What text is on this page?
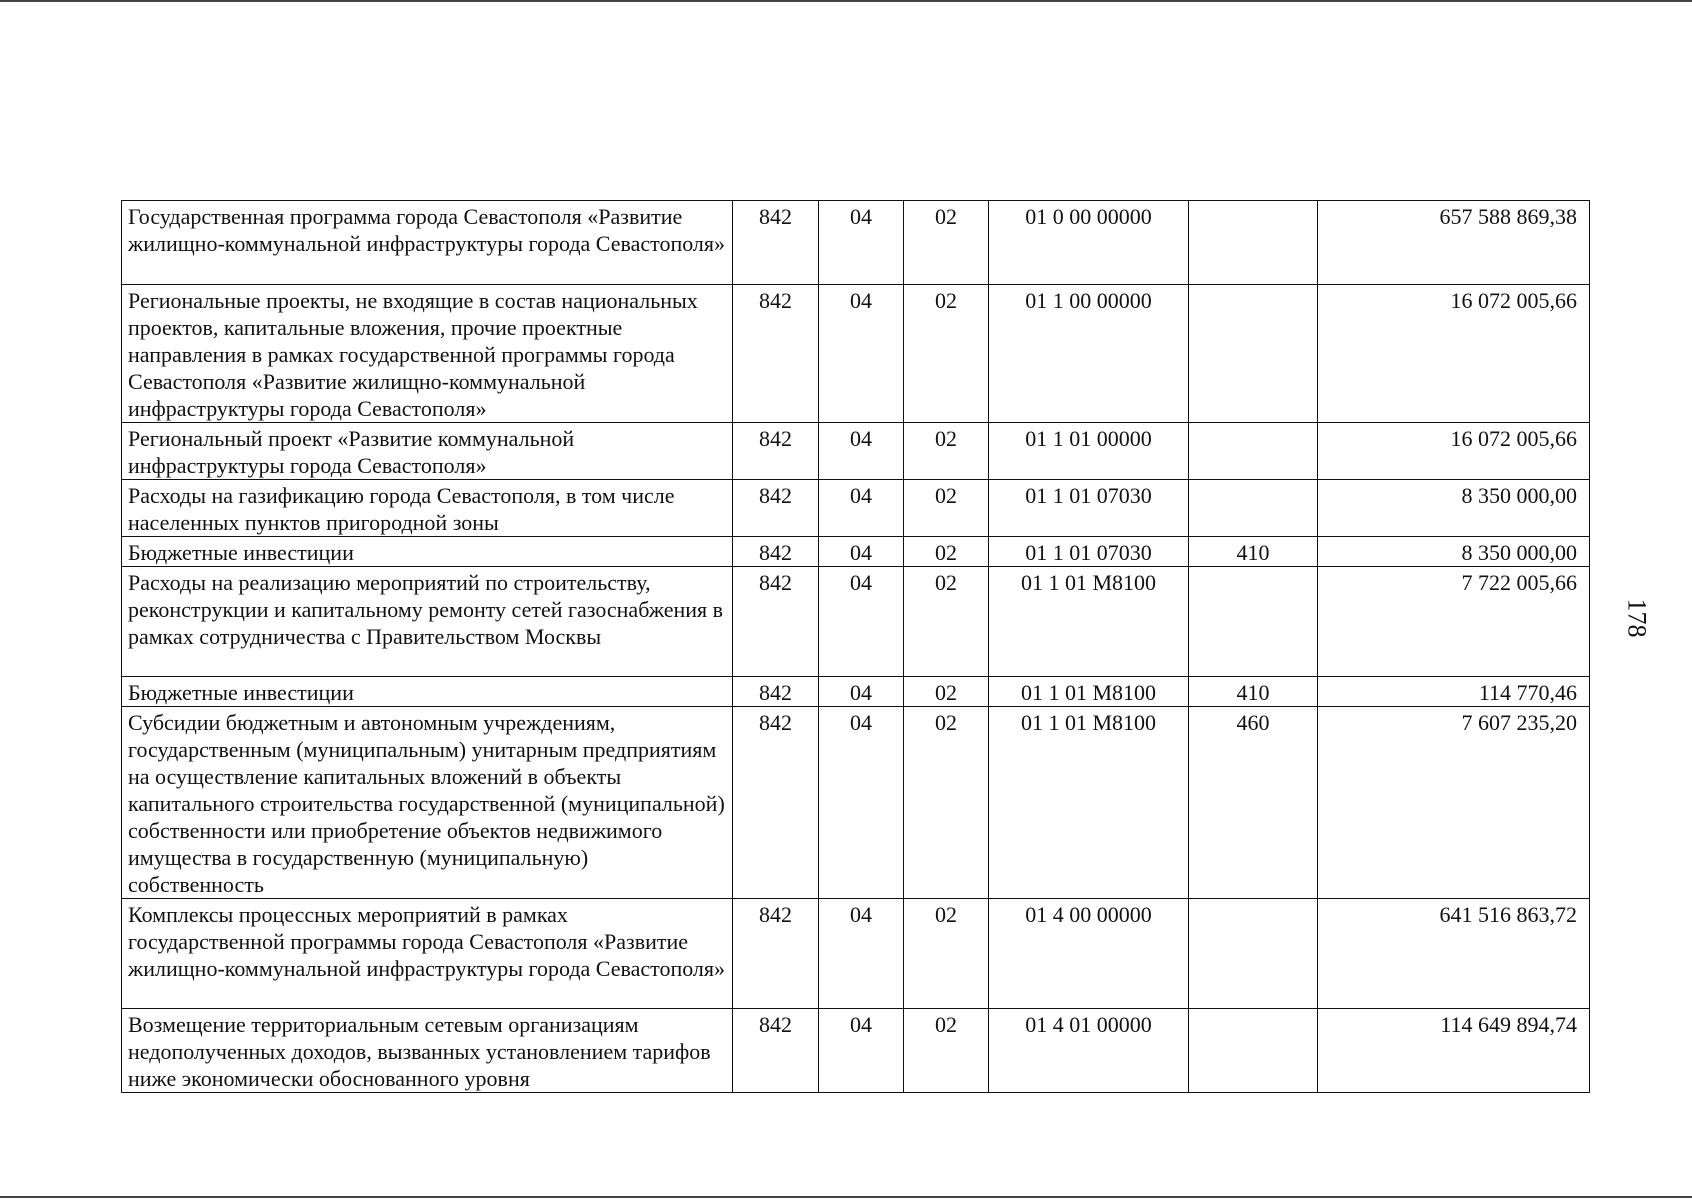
Государственная программа города Севастополя «Развитие жилищно-коммунальной инфраструктуры города Севастополя»	842	04	02	01 0 00 00000		657 588 869,38
Региональные проекты, не входящие в состав национальных проектов, капитальные вложения, прочие проектные направления в рамках государственной программы города Севастополя «Развитие жилищно-коммунальной инфраструктуры города Севастополя»	842	04	02	01 1 00 00000		16 072 005,66
Региональный проект «Развитие коммунальной инфраструктуры города Севастополя»	842	04	02	01 1 01 00000		16 072 005,66
Расходы на газификацию города Севастополя, в том числе населенных пунктов пригородной зоны	842	04	02	01 1 01 07030		8 350 000,00
Бюджетные инвестиции	842	04	02	01 1 01 07030	410	8 350 000,00
Расходы на реализацию мероприятий по строительству, реконструкции и капитальному ремонту сетей газоснабжения в рамках сотрудничества с Правительством Москвы	842	04	02	01 1 01 М8100		7 722 005,66
Бюджетные инвестиции	842	04	02	01 1 01 М8100	410	114 770,46
Субсидии бюджетным и автономным учреждениям, государственным (муниципальным) унитарным предприятиям на осуществление капитальных вложений в объекты капитального строительства государственной (муниципальной) собственности или приобретение объектов недвижимого имущества в государственную (муниципальную) собственность	842	04	02	01 1 01 М8100	460	7 607 235,20
Комплексы процессных мероприятий в рамках государственной программы города Севастополя «Развитие жилищно-коммунальной инфраструктуры города Севастополя»	842	04	02	01 4 00 00000		641 516 863,72
Возмещение территориальным сетевым организациям недополученных доходов, вызванных установлением тарифов ниже экономически обоснованного уровня	842	04	02	01 4 01 00000		114 649 894,74
178
